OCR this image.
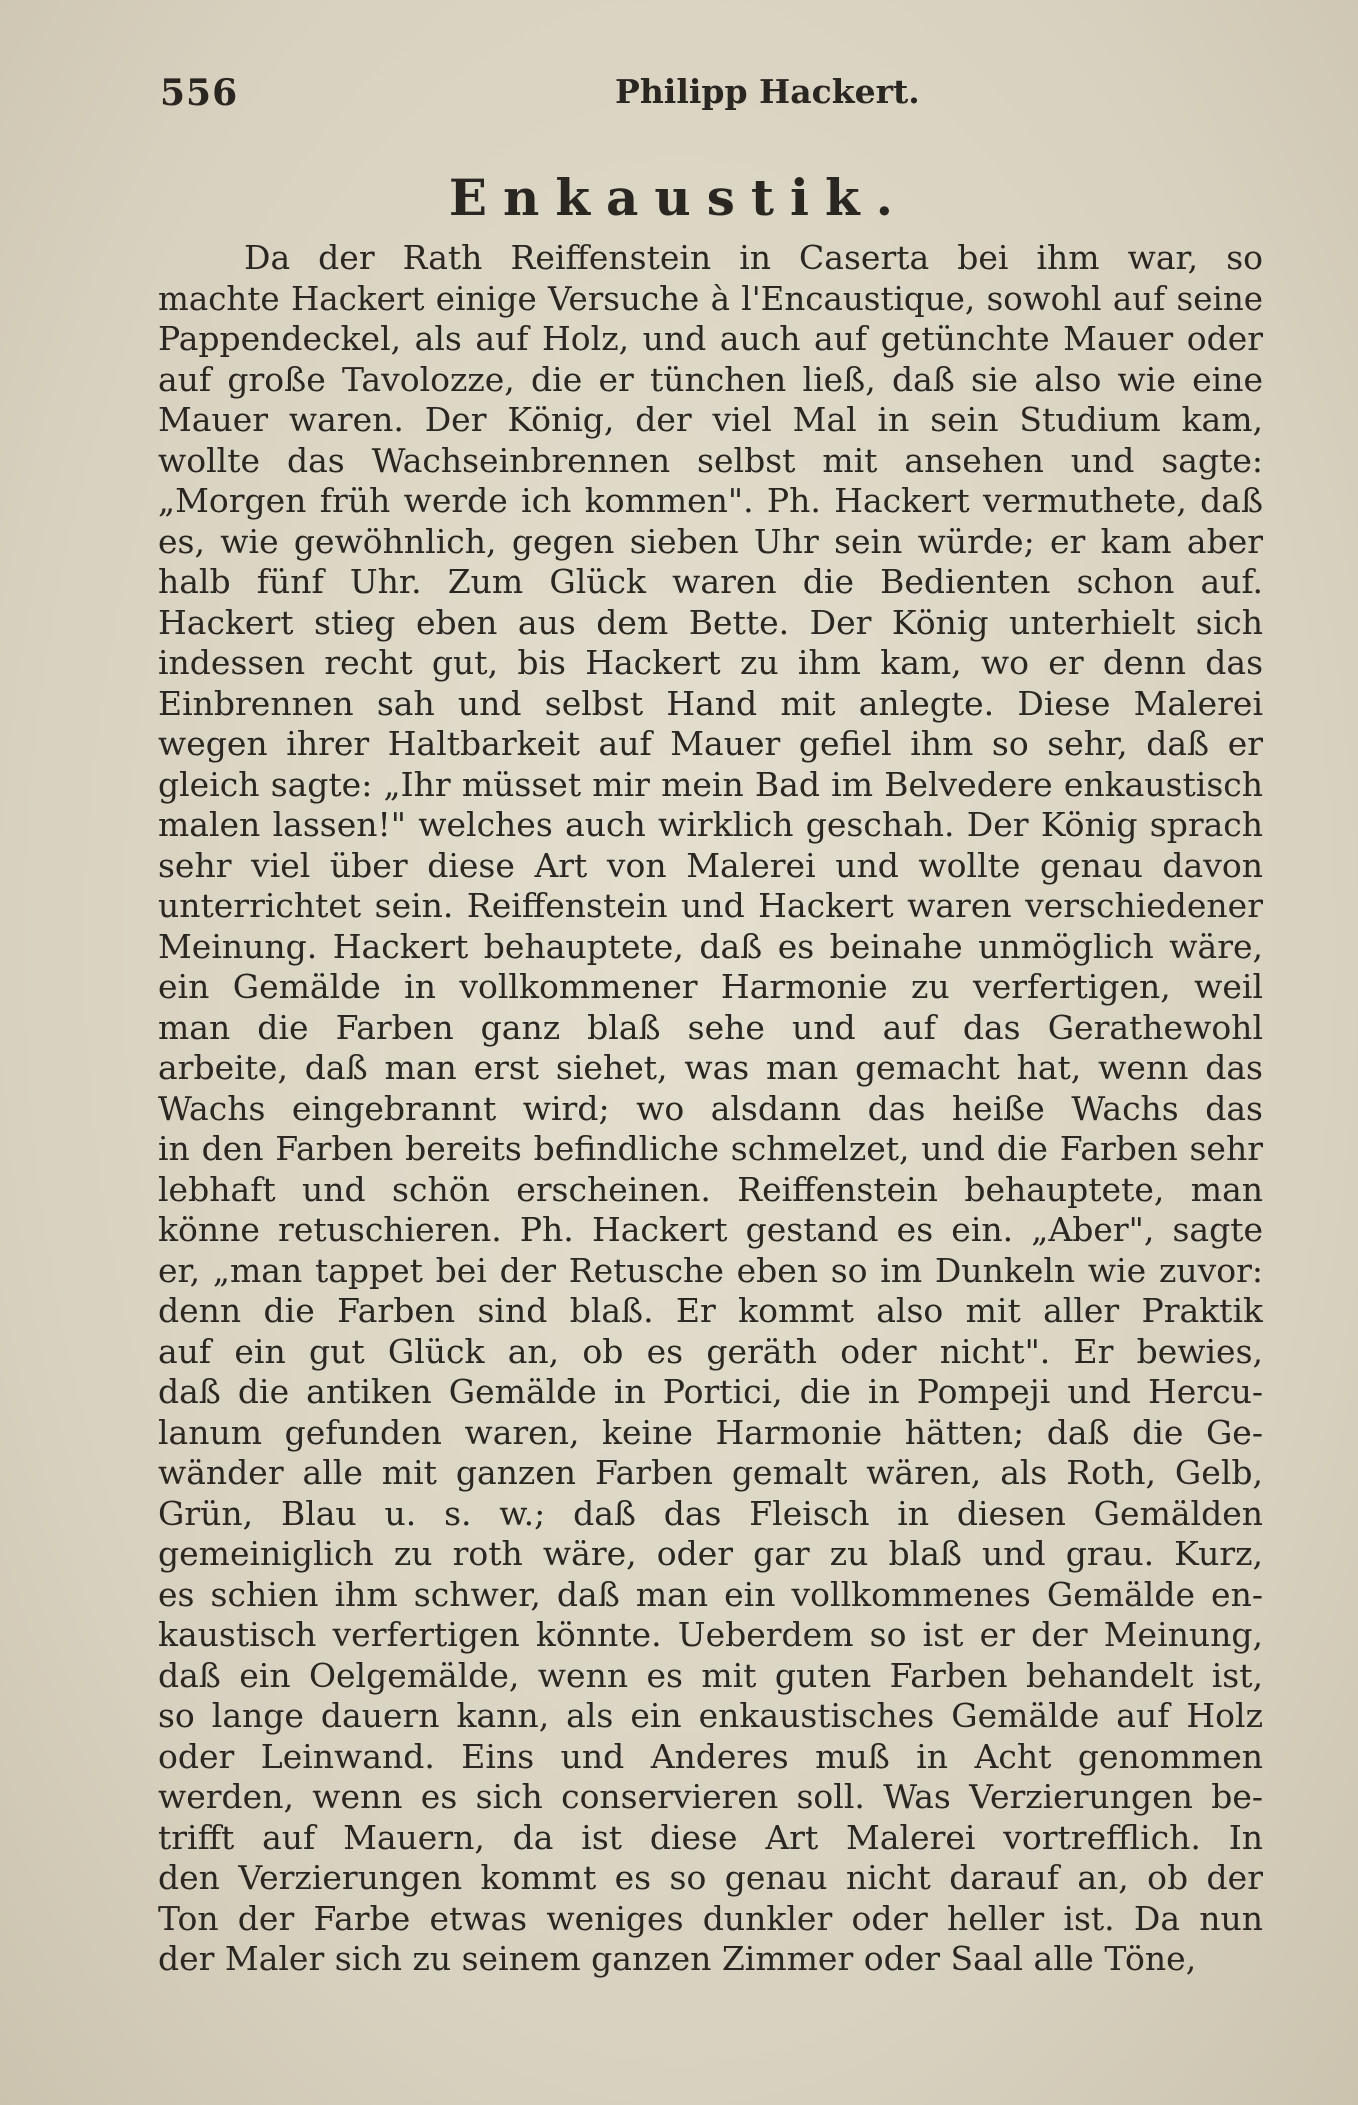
556	Philipp Hackert.
Enkaustik.
Da der Rath Reiffenstein in Caserta bei ihm war, so
machte Hackert einige Versuche à l'Encaustique, sowohl auf seine
Pappendeckel, als auf Holz, und auch auf getünchte Mauer oder
auf große Tavolozze, die er tünchen ließ, daß sie also wie eine
Mauer waren. Der König, der viel Mal in sein Studium kam,
wollte das Wachseinbrennen selbst mit ansehen und sagte:
„Morgen früh werde ich kommen". Ph. Hackert vermuthete, daß
es, wie gewöhnlich, gegen sieben Uhr sein würde; er kam aber
halb fünf Uhr. Zum Glück waren die Bedienten schon auf.
Hackert stieg eben aus dem Bette. Der König unterhielt sich
indessen recht gut, bis Hackert zu ihm kam, wo er denn das
Einbrennen sah und selbst Hand mit anlegte. Diese Malerei
wegen ihrer Haltbarkeit auf Mauer gefiel ihm so sehr, daß er
gleich sagte: „Ihr müsset mir mein Bad im Belvedere enkaustisch
malen lassen!" welches auch wirklich geschah. Der König sprach
sehr viel über diese Art von Malerei und wollte genau davon
unterrichtet sein. Reiffenstein und Hackert waren verschiedener
Meinung. Hackert behauptete, daß es beinahe unmöglich wäre,
ein Gemälde in vollkommener Harmonie zu verfertigen, weil
man die Farben ganz blaß sehe und auf das Gerathewohl
arbeite, daß man erst siehet, was man gemacht hat, wenn das
Wachs eingebrannt wird; wo alsdann das heiße Wachs das
in den Farben bereits befindliche schmelzet, und die Farben sehr
lebhaft und schön erscheinen. Reiffenstein behauptete, man
könne retuschieren. Ph. Hackert gestand es ein. „Aber", sagte
er, „man tappet bei der Retusche eben so im Dunkeln wie zuvor:
denn die Farben sind blaß. Er kommt also mit aller Praktik
auf ein gut Glück an, ob es geräth oder nicht". Er bewies,
daß die antiken Gemälde in Portici, die in Pompeji und Hercu-
lanum gefunden waren, keine Harmonie hätten; daß die Ge-
wänder alle mit ganzen Farben gemalt wären, als Roth, Gelb,
Grün, Blau u. s. w.; daß das Fleisch in diesen Gemälden
gemeiniglich zu roth wäre, oder gar zu blaß und grau. Kurz,
es schien ihm schwer, daß man ein vollkommenes Gemälde en-
kaustisch verfertigen könnte. Ueberdem so ist er der Meinung,
daß ein Oelgemälde, wenn es mit guten Farben behandelt ist,
so lange dauern kann, als ein enkaustisches Gemälde auf Holz
oder Leinwand. Eins und Anderes muß in Acht genommen
werden, wenn es sich conservieren soll. Was Verzierungen be-
trifft auf Mauern, da ist diese Art Malerei vortrefflich. In
den Verzierungen kommt es so genau nicht darauf an, ob der
Ton der Farbe etwas weniges dunkler oder heller ist. Da nun
der Maler sich zu seinem ganzen Zimmer oder Saal alle Töne,
